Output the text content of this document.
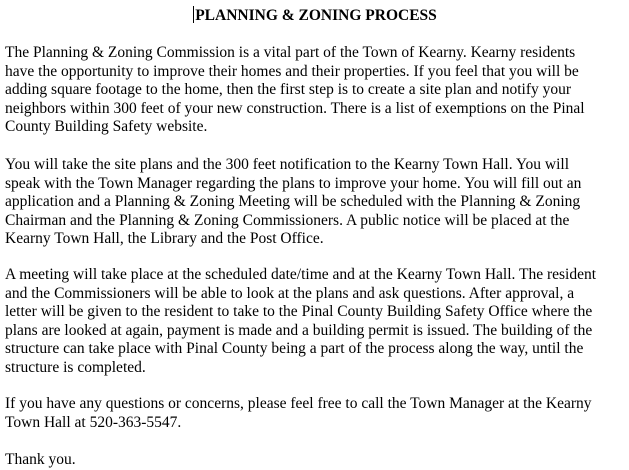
PLANNING & ZONING PROCESS
The Planning & Zoning Commission is a vital part of the Town of Kearny. Kearny residents
have the opportunity to improve their homes and their properties. If you feel that you will be
adding square footage to the home, then the first step is to create a site plan and notify your
neighbors within 300 feet of your new construction. There is a list of exemptions on the Pinal
County Building Safety website.
You will take the site plans and the 300 feet notification to the Kearny Town Hall. You will
speak with the Town Manager regarding the plans to improve your home. You will fill out an
application and a Planning & Zoning Meeting will be scheduled with the Planning & Zoning
Chairman and the Planning & Zoning Commissioners. A public notice will be placed at the
Kearny Town Hall, the Library and the Post Office.
A meeting will take place at the scheduled date/time and at the Kearny Town Hall. The resident
and the Commissioners will be able to look at the plans and ask questions. After approval, a
letter will be given to the resident to take to the Pinal County Building Safety Office where the
plans are looked at again, payment is made and a building permit is issued. The building of the
structure can take place with Pinal County being a part of the process along the way, until the
structure is completed.
If you have any questions or concerns, please feel free to call the Town Manager at the Kearny
Town Hall at 520-363-5547.
Thank you.
